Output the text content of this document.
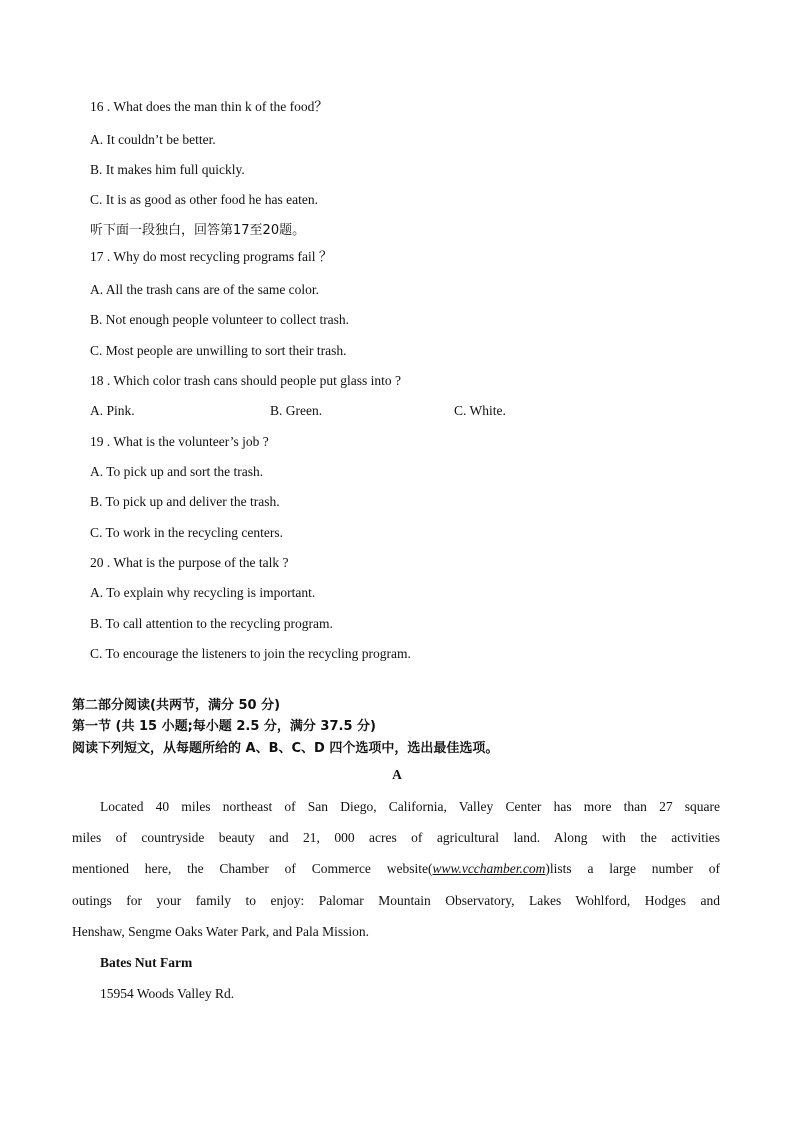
16 . What does the man thin k of the food？
A. It couldn’t be better.
B. It makes him full quickly.
C. It is as good as other food he has eaten.
听下面一段独白，回答第17至20题。
17 . Why do most recycling programs fail ？
A. All the trash cans are of the same color.
B. Not enough people volunteer to collect trash.
C. Most people are unwilling to sort their trash.
18 . Which color trash cans should people put glass into ?
A. Pink.	B. Green.	C. White.
19 . What is the volunteer’s job ?
A. To pick up and sort the trash.
B. To pick up and deliver the trash.
C. To work in the recycling centers.
20 . What is the purpose of the talk ?
A. To explain why recycling is important.
B. To call attention to the recycling program.
C. To encourage the listeners to join the recycling program.
第二部分阅读(共两节，满分 50 分)
第一节 (共 15 小题;每小题 2.5 分，满分 37.5 分)
阅读下列短文，从每题所给的 A、B、C、D 四个选项中，选出最佳选项。
A
Located 40 miles northeast of San Diego, California, Valley Center has more than 27 square
miles of countryside beauty and 21, 000 acres of agricultural land. Along with the activities
mentioned here, the Chamber of Commerce website(www.vcchamber.com)lists a large number of
outings for your family to enjoy: Palomar Mountain Observatory, Lakes Wohlford, Hodges and
Henshaw, Sengme Oaks Water Park, and Pala Mission.
Bates Nut Farm
15954 Woods Valley Rd.
